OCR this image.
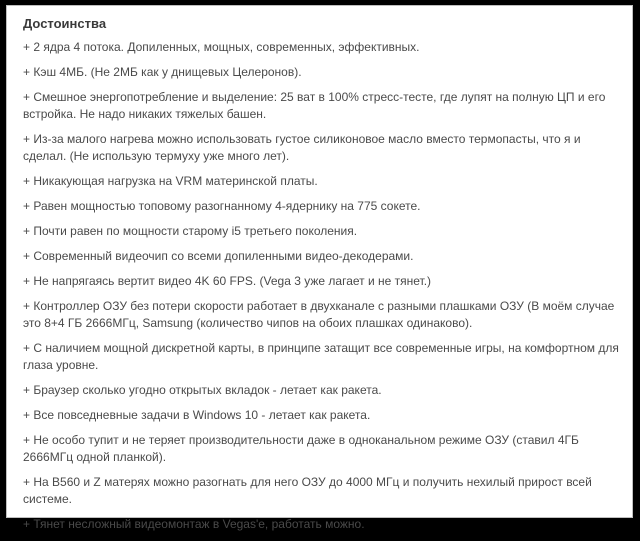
Достоинства
+ 2 ядра 4 потока. Допиленных, мощных, современных, эффективных.
+ Кэш 4МБ. (Не 2МБ как у днищевых Целеронов).
+ Смешное энергопотребление и выделение: 25 ват в 100% стресс-тесте, где лупят на полную ЦП и его встройка. Не надо никаких тяжелых башен.
+ Из-за малого нагрева можно использовать густое силиконовое масло вместо термопасты, что я и сделал. (Не использую термуху уже много лет).
+ Никакующая нагрузка на VRM материнской платы.
+ Равен мощностью топовому разогнанному 4-ядернику на 775 сокете.
+ Почти равен по мощности старому i5 третьего поколения.
+ Современный видеочип со всеми допиленными видео-декодерами.
+ Не напрягаясь вертит видео 4K 60 FPS. (Vega 3 уже лагает и не тянет.)
+ Контроллер ОЗУ без потери скорости работает в двухканале с разными плашками ОЗУ (В моём случае это 8+4 ГБ 2666МГц, Samsung (количество чипов на обоих плашках одинаково).
+ С наличием мощной дискретной карты, в принципе затащит все современные игры, на комфортном для глаза уровне.
+ Браузер сколько угодно открытых вкладок - летает как ракета.
+ Все повседневные задачи в Windows 10 - летает как ракета.
+ Не особо тупит и не теряет производительности даже в одноканальном режиме ОЗУ (ставил 4ГБ 2666МГц одной планкой).
+ На B560 и Z матерях можно разогнать для него ОЗУ до 4000 МГц и получить нехилый прирост всей системе.
+ Тянет несложный видеомонтаж в Vegas'e, работать можно.
